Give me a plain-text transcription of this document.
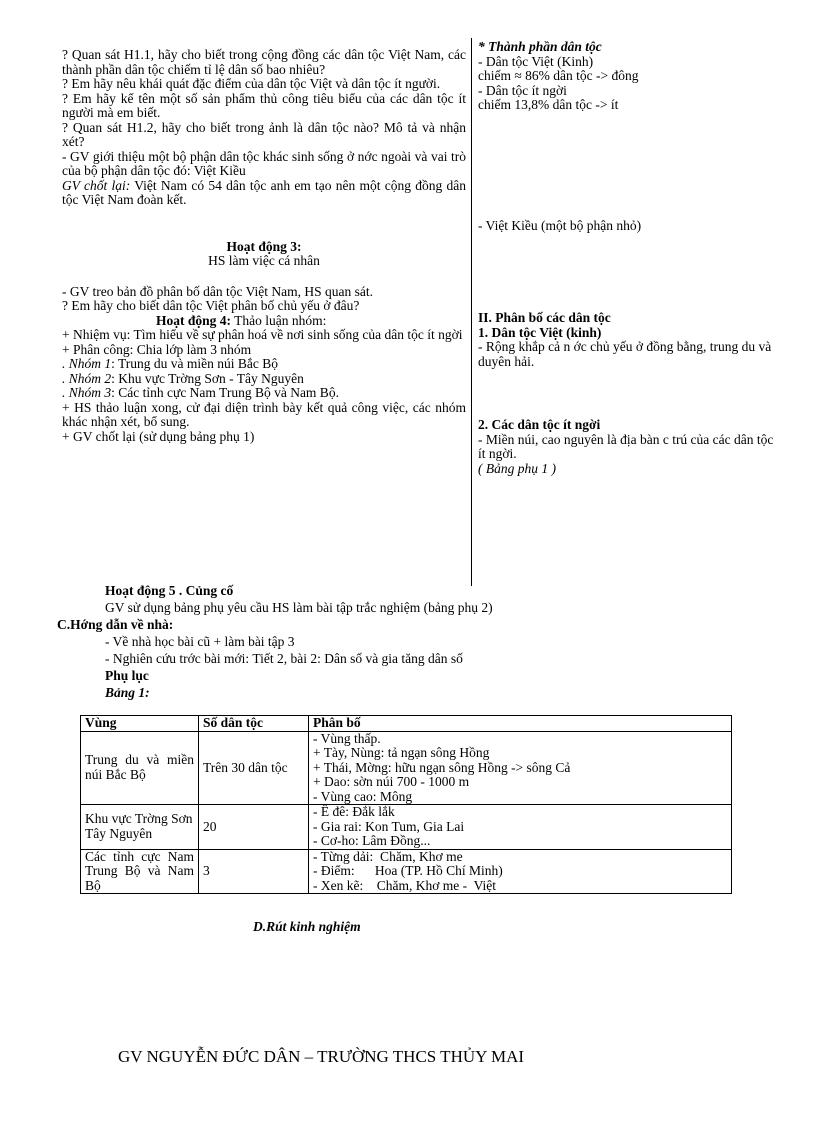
? Quan sát H1.1, hãy cho biết trong cộng đồng các dân tộc Việt Nam, các thành phần dân tộc chiếm tỉ lệ dân số bao nhiêu?

? Em hãy nêu khái quát đặc điểm của dân tộc Việt và dân tộc ít người.

? Em hãy kể tên một số sản phẩm thủ công tiêu biểu của các dân tộc ít người mà em biết.

? Quan sát H1.2, hãy cho biết trong ảnh là dân tộc nào? Mô tả và nhận xét?

- GV giới thiệu một bộ phận dân tộc khác sinh sống ở nớc ngoài và vai trò của bộ phận dân tộc đó: Việt Kiều

GV chốt lại: Việt Nam có 54 dân tộc anh em tạo nên một cộng đồng dân tộc Việt Nam đoàn kết.

Hoạt động 3:

HS làm việc cá nhân

- GV treo bản đồ phân bố dân tộc Việt Nam, HS quan sát.

? Em hãy cho biết dân tộc Việt phân bố chủ yếu ở đâu?

Hoạt động 4: Thảo luận nhóm:

+ Nhiệm vụ: Tìm hiểu về sự phân hoá về nơi sinh sống của dân tộc ít ngời

+ Phân công: Chia lớp làm 3 nhóm

. Nhóm 1: Trung du và miền núi Bắc Bộ

. Nhóm 2: Khu vực Trờng Sơn - Tây Nguyên

. Nhóm 3: Các tỉnh cực Nam Trung Bộ và Nam Bộ.

+ HS thảo luận xong, cử đại diện trình bày kết quả công việc, các nhóm khác nhận xét, bổ sung.

+ GV chốt lại (sử dụng bảng phụ 1)

* Thành phần dân tộc

- Dân tộc Việt (Kinh)

chiếm ≈ 86% dân tộc -> đông

- Dân tộc ít ngời

chiếm 13,8% dân tộc -> ít

- Việt Kiều (một bộ phận nhỏ)

II. Phân bố các dân tộc

1. Dân tộc Việt (kinh)

- Rộng khắp cả n ớc chủ yếu ở đồng bằng, trung du và duyên hải.

2. Các dân tộc ít ngời

- Miền núi, cao nguyên là địa bàn c trú của các dân tộc ít ngời.

( Bảng phụ 1 )

Hoạt động 5 . Củng cố
GV sử dụng bảng phụ yêu cầu HS làm bài tập trắc nghiệm (bảng phụ 2)
C.Hớng dẫn về nhà:
- Về nhà học bài cũ + làm bài tập 3
- Nghiên cứu trớc bài mới: Tiết 2, bài 2: Dân số và gia tăng dân số
Phụ lục
Bảng 1:
Vùng	Số dân tộc	Phân bố
Trung du và miền núi Bắc Bộ	Trên 30 dân tộc	- Vùng thấp.
+ Tày, Nùng: tả ngạn sông Hồng
+ Thái, Mờng: hữu ngạn sông Hồng -> sông Cả
+ Dao: sờn núi 700 - 1000 m
- Vùng cao: Mông

Khu vực Trờng Sơn Tây Nguyên	20	- Ê đê: Đắk lắk
- Gia rai: Kon Tum, Gia Lai
- Cơ-ho: Lâm Đồng...

Các tỉnh cực Nam Trung Bộ và Nam Bộ	3	- Từng dải:  Chăm, Khơ me
- Điểm:      Hoa (TP. Hồ Chí Minh)
- Xen kẽ:    Chăm, Khơ me -  Việt
D.Rút kinh nghiệm
GV NGUYỄN ĐỨC DÂN – TRƯỜNG THCS THỦY MAI
